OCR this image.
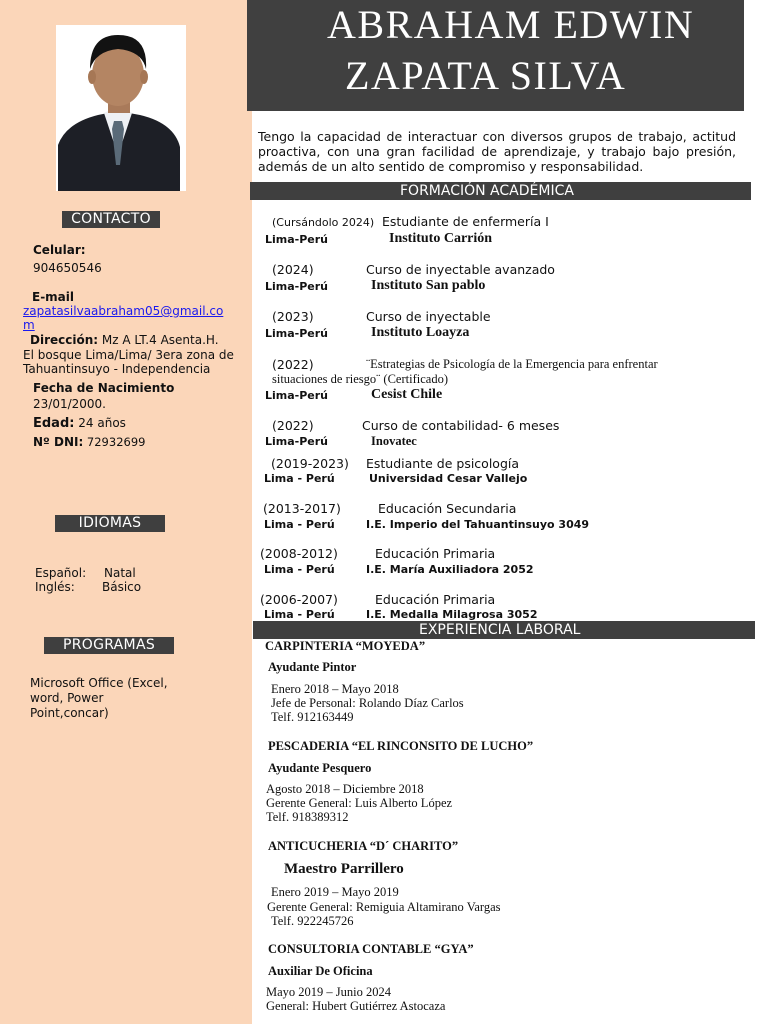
CONTACTO
Celular:
904650546
E-mail
zapatasilvaabraham05@gmail.co
m
Dirección: Mz A LT.4 Asenta.H.
El bosque Lima/Lima/ 3era zona de
Tahuantinsuyo - Independencia
Fecha de Nacimiento
23/01/2000.
Edad: 24 años
Nº DNI: 72932699
IDIOMAS
Español: Natal
Inglés: Básico
PROGRAMAS
Microsoft Office (Excel,
word, Power
Point,concar)
ABRAHAM EDWIN
ZAPATA SILVA
Tengo la capacidad de interactuar con diversos grupos de trabajo, actitud proactiva, con una gran facilidad de aprendizaje, y trabajo bajo presión, además de un alto sentido de compromiso y responsabilidad.
FORMACIÓN ACADÉMICA
(Cursándolo 2024) Estudiante de enfermería I
Lima-Perú	Instituto Carrión
(2024)	Curso de inyectable avanzado
Lima-Perú	Instituto San pablo
(2023)	Curso de inyectable
Lima-Perú	Instituto Loayza
(2022)	¨Estrategias de Psicología de la Emergencia para enfrentar
situaciones de riesgo¨ (Certificado)
Lima-Perú	Cesist Chile
(2022)	Curso de contabilidad- 6 meses
Lima-Perú	Inovatec
(2019-2023) Estudiante de psicología
Lima - Perú	Universidad Cesar Vallejo
(2013-2017)	Educación Secundaria
Lima - Perú	I.E. Imperio del Tahuantinsuyo 3049
(2008-2012)	Educación Primaria
Lima - Perú	I.E. María Auxiliadora 2052
(2006-2007)	Educación Primaria
Lima - Perú	I.E. Medalla Milagrosa 3052
EXPERIENCIA LABORAL
CARPINTERIA “MOYEDA”
Ayudante Pintor
Enero 2018 – Mayo 2018
Jefe de Personal: Rolando Díaz Carlos
Telf. 912163449
PESCADERIA “EL RINCONSITO DE LUCHO”
Ayudante Pesquero
Agosto 2018 – Diciembre 2018
Gerente General: Luis Alberto López
Telf. 918389312
ANTICUCHERIA “D´ CHARITO”
Maestro Parrillero
Enero 2019 – Mayo 2019
Gerente General: Remiguia Altamirano Vargas
Telf. 922245726
CONSULTORIA CONTABLE “GYA”
Auxiliar De Oficina
Mayo 2019 – Junio 2024
General: Hubert Gutiérrez Astocaza
